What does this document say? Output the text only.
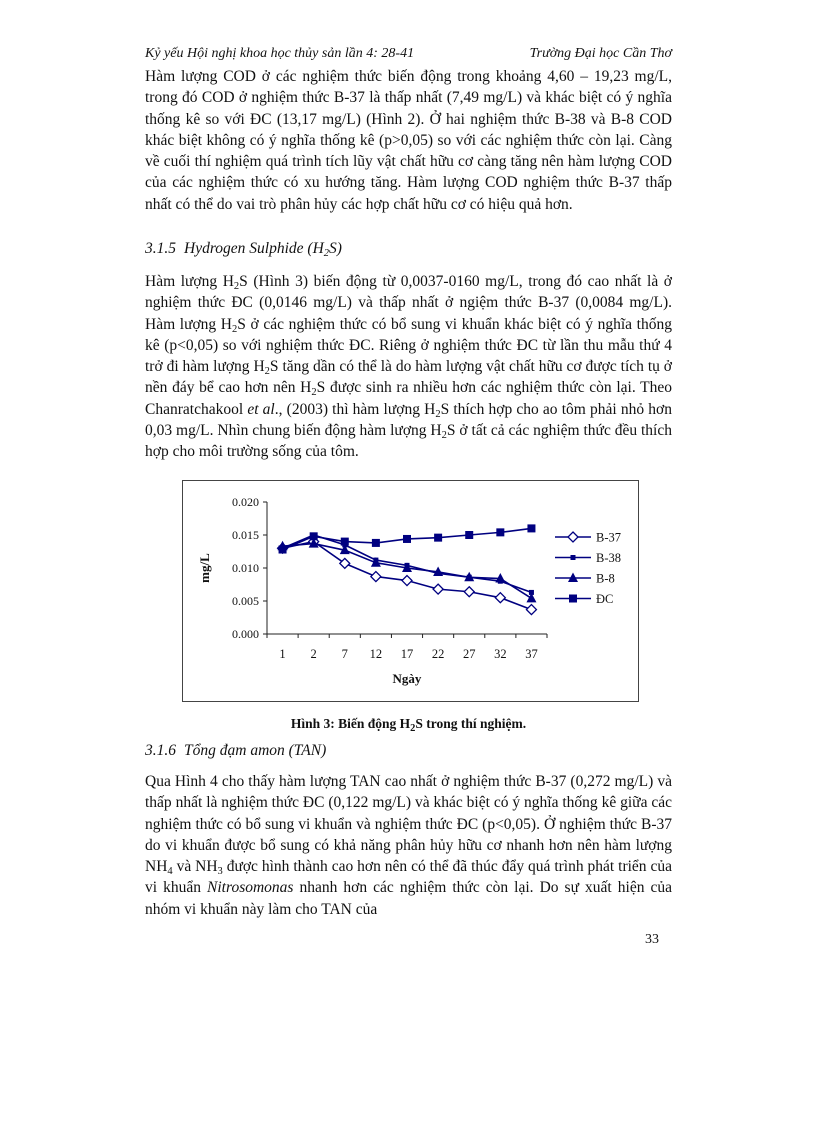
Kỷ yếu Hội nghị khoa học thủy sản lần 4: 28-41	Trường Đại học Cần Thơ

Hàm lượng COD ở các nghiệm thức biến động trong khoảng 4,60 – 19,23 mg/L, trong đó COD ở nghiệm thức B-37 là thấp nhất (7,49 mg/L) và khác biệt có ý nghĩa thống kê so với ĐC (13,17 mg/L) (Hình 2). Ở hai nghiệm thức B-38 và B-8 COD khác biệt không có ý nghĩa thống kê (p>0,05) so với các nghiệm thức còn lại. Càng về cuối thí nghiệm quá trình tích lũy vật chất hữu cơ càng tăng nên hàm lượng COD của các nghiệm thức có xu hướng tăng. Hàm lượng COD nghiệm thức B-37 thấp nhất có thể do vai trò phân hủy các hợp chất hữu cơ có hiệu quả hơn.

3.1.5 Hydrogen Sulphide $(H_2S)$

Hàm lượng $H_2S$ (Hình 3) biến động từ 0,0037-0160 mg/L, trong đó cao nhất là ở nghiệm thức ĐC (0,0146 mg/L) và thấp nhất ở ngiệm thức B-37 (0,0084 mg/L). Hàm lượng $H_2S$ ở các nghiệm thức có bổ sung vi khuẩn khác biệt có ý nghĩa thống kê (p<0,05) so với nghiệm thức ĐC. Riêng ở nghiệm thức ĐC từ lần thu mẫu thứ 4 trở đi hàm lượng $H_2S$ tăng dần có thể là do hàm lượng vật chất hữu cơ được tích tụ ở nền đáy bể cao hơn nên $H_2S$ được sinh ra nhiều hơn các nghiệm thức còn lại. Theo Chanratchakool et al., (2003) thì hàm lượng $H_2S$ thích hợp cho ao tôm phải nhỏ hơn 0,03 mg/L. Nhìn chung biến động hàm lượng $H_2S$ ở tất cả các nghiệm thức đều thích hợp cho môi trường sống của tôm.

0.000
0.005
0.010
0.015
0.020
1 2 7 12 17 22 27 32 37
Ngày
mg/L
B-37
B-38
B-8
ĐC
Hình 3: Biến động $H_2S$ trong thí nghiệm.

3.1.6 Tổng đạm amon (TAN)

Qua Hình 4 cho thấy hàm lượng TAN cao nhất ở nghiệm thức B-37 (0,272 mg/L) và thấp nhất là nghiệm thức ĐC (0,122 mg/L) và khác biệt có ý nghĩa thống kê giữa các nghiệm thức có bổ sung vi khuẩn và nghiệm thức ĐC (p<0,05). Ở nghiệm thức B-37 do vi khuẩn được bổ sung có khả năng phân hủy hữu cơ nhanh hơn nên hàm lượng $NH_4$ và $NH_3$ được hình thành cao hơn nên có thể đã thúc đẩy quá trình phát triển của vi khuẩn Nitrosomonas nhanh hơn các nghiệm thức còn lại. Do sự xuất hiện của nhóm vi khuẩn này làm cho TAN của

33
